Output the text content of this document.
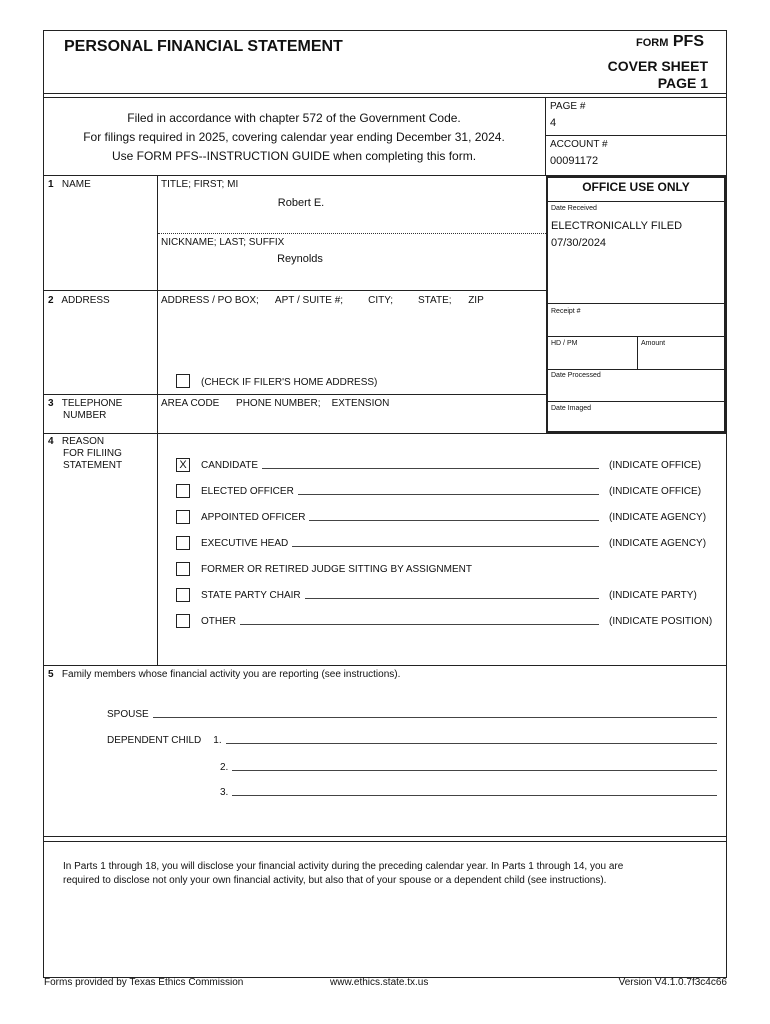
PERSONAL FINANCIAL STATEMENT	FORM PFS
COVER SHEET
PAGE 1
Filed in accordance with chapter 572 of the Government Code.
For filings required in 2025, covering calendar year ending December 31, 2024.
Use FORM PFS--INSTRUCTION GUIDE when completing this form.
PAGE #
4
ACCOUNT #
00091172
OFFICE USE ONLY
Date Received
ELECTRONICALLY FILED
07/30/2024
Receipt #
HD / PM	Amount
Date Processed
Date Imaged
1 NAME	TITLE; FIRST; MI
Robert E.
NICKNAME; LAST; SUFFIX
Reynolds
2 ADDRESS	ADDRESS / PO BOX;      APT / SUITE #;         CITY;         STATE;      ZIP
(CHECK IF FILER'S HOME ADDRESS)
3 TELEPHONE
NUMBER
AREA CODE      PHONE NUMBER;    EXTENSION
4 REASON
FOR FILIING
STATEMENT	X	CANDIDATE	(INDICATE OFFICE)
ELECTED OFFICER	(INDICATE OFFICE)
APPOINTED OFFICER	(INDICATE AGENCY)
EXECUTIVE HEAD	(INDICATE AGENCY)
FORMER OR RETIRED JUDGE SITTING BY ASSIGNMENT
STATE PARTY CHAIR	(INDICATE PARTY)
OTHER	(INDICATE POSITION)
5 Family members whose financial activity you are reporting (see instructions).
SPOUSE
DEPENDENT CHILD 1.
2.
3.
In Parts 1 through 18, you will disclose your financial activity during the preceding calendar year. In Parts 1 through 14, you are
required to disclose not only your own financial activity, but also that of your spouse or a dependent child (see instructions).
Forms provided by Texas Ethics Commission	www.ethics.state.tx.us	Version V4.1.0.7f3c4c66
